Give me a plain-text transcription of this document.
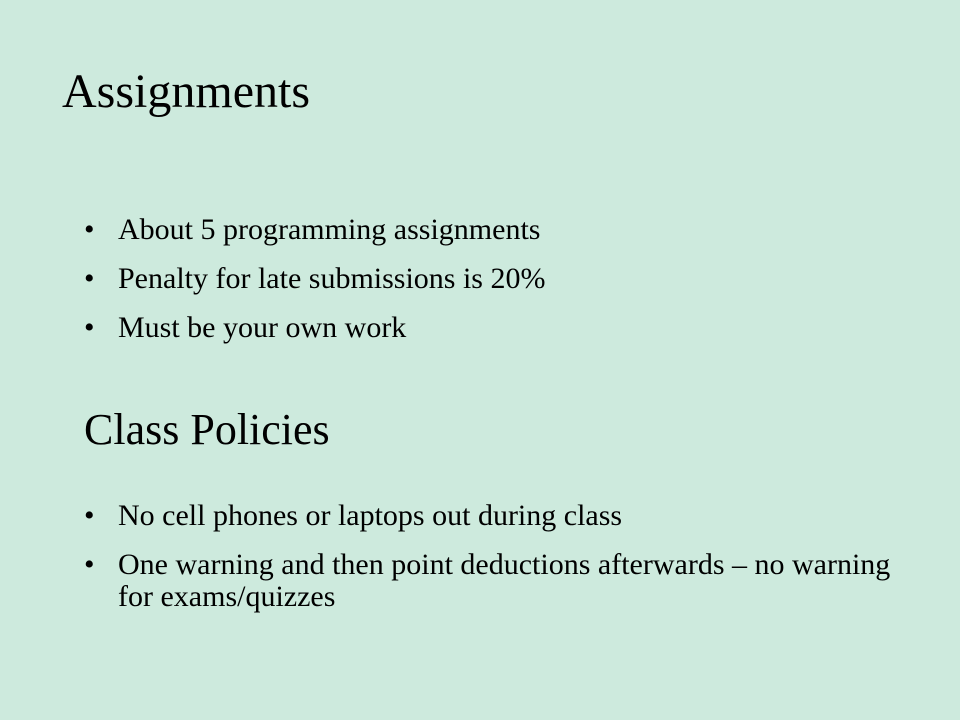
Assignments
• About 5 programming assignments
• Penalty for late submissions is 20%
• Must be your own work
Class Policies
• No cell phones or laptops out during class
• One warning and then point deductions afterwards – no warning for exams/quizzes
